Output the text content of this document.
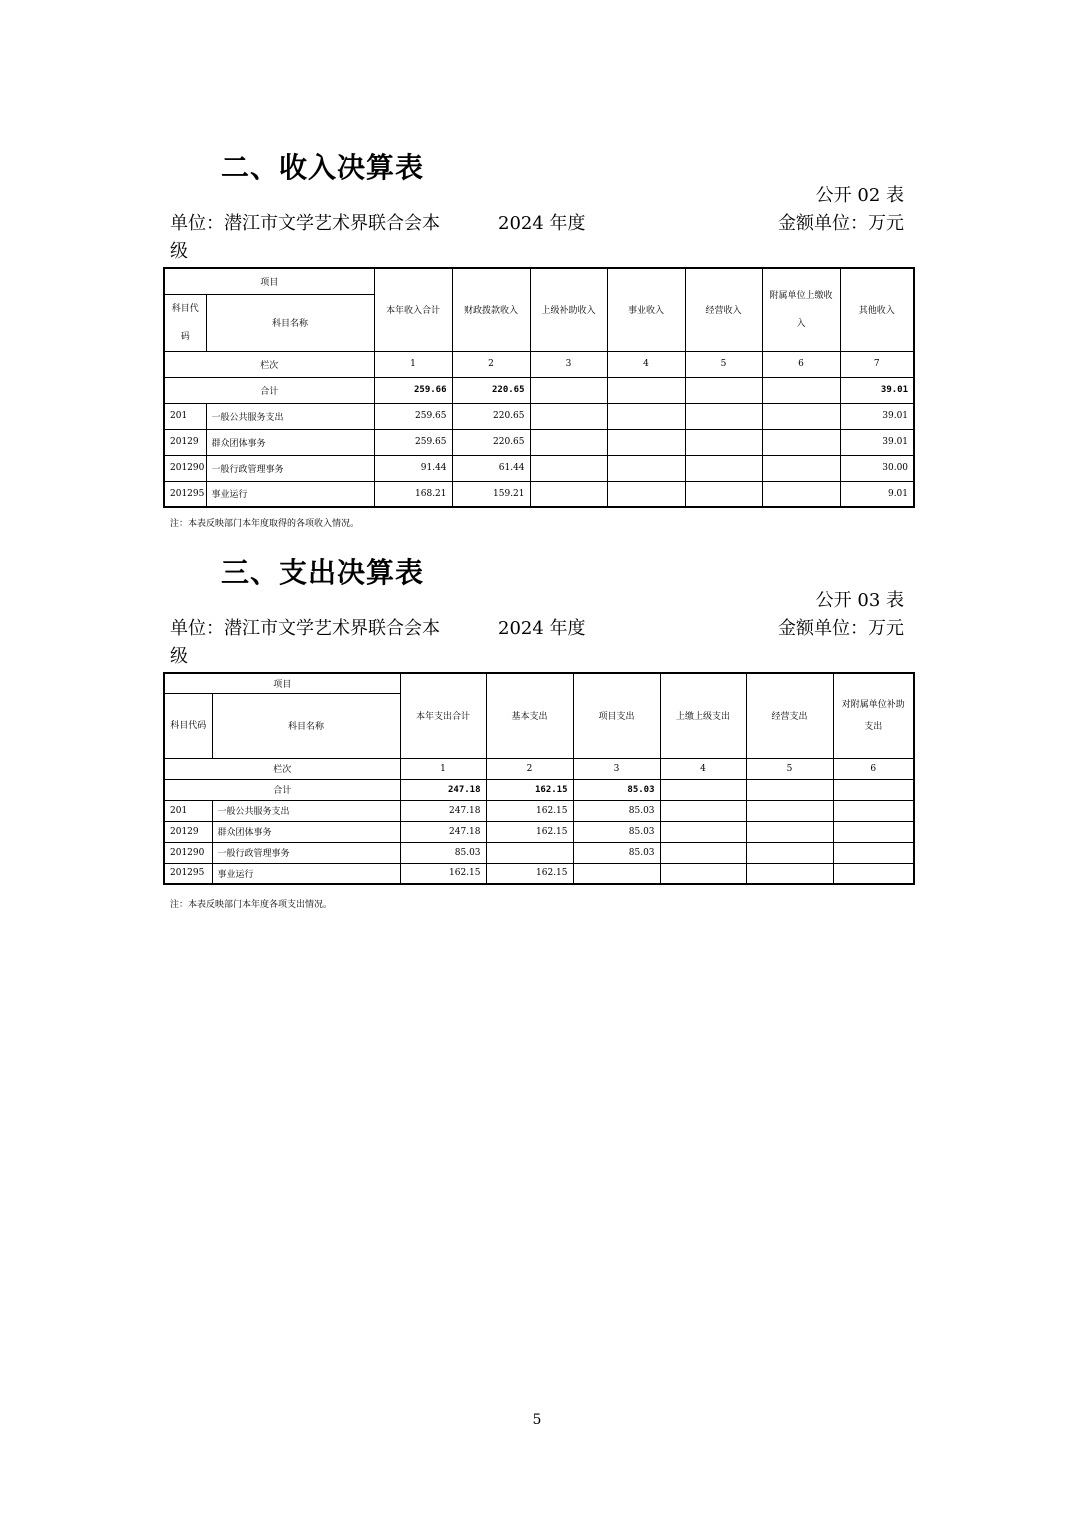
二、收入决算表
公开 02 表
单位：潜江市文学艺术界联合会本	2024 年度	金额单位：万元
级
项目		本年收入合计	财政拨款收入	上级补助收入	事业收入	经营收入	附属单位上缴收入	其他收入
科目代码	科目名称							
栏次		1	2	3	4	5	6	7
合计		259.66	220.65					39.01
201	一般公共服务支出	259.65	220.65					39.01
20129	群众团体事务	259.65	220.65					39.01
201290	一般行政管理事务	91.44	61.44					30.00
201295	事业运行	168.21	159.21					9.01
注：本表反映部门本年度取得的各项收入情况。
三、支出决算表
公开 03 表
单位：潜江市文学艺术界联合会本	2024 年度	金额单位：万元
级
项目		本年支出合计	基本支出	项目支出	上缴上级支出	经营支出	对附属单位补助支出
科目代码	科目名称						
栏次		1	2	3	4	5	6
合计		247.18	162.15	85.03			
201	一般公共服务支出	247.18	162.15	85.03			
20129	群众团体事务	247.18	162.15	85.03			
201290	一般行政管理事务	85.03		85.03			
201295	事业运行	162.15	162.15				
注：本表反映部门本年度各项支出情况。
5
